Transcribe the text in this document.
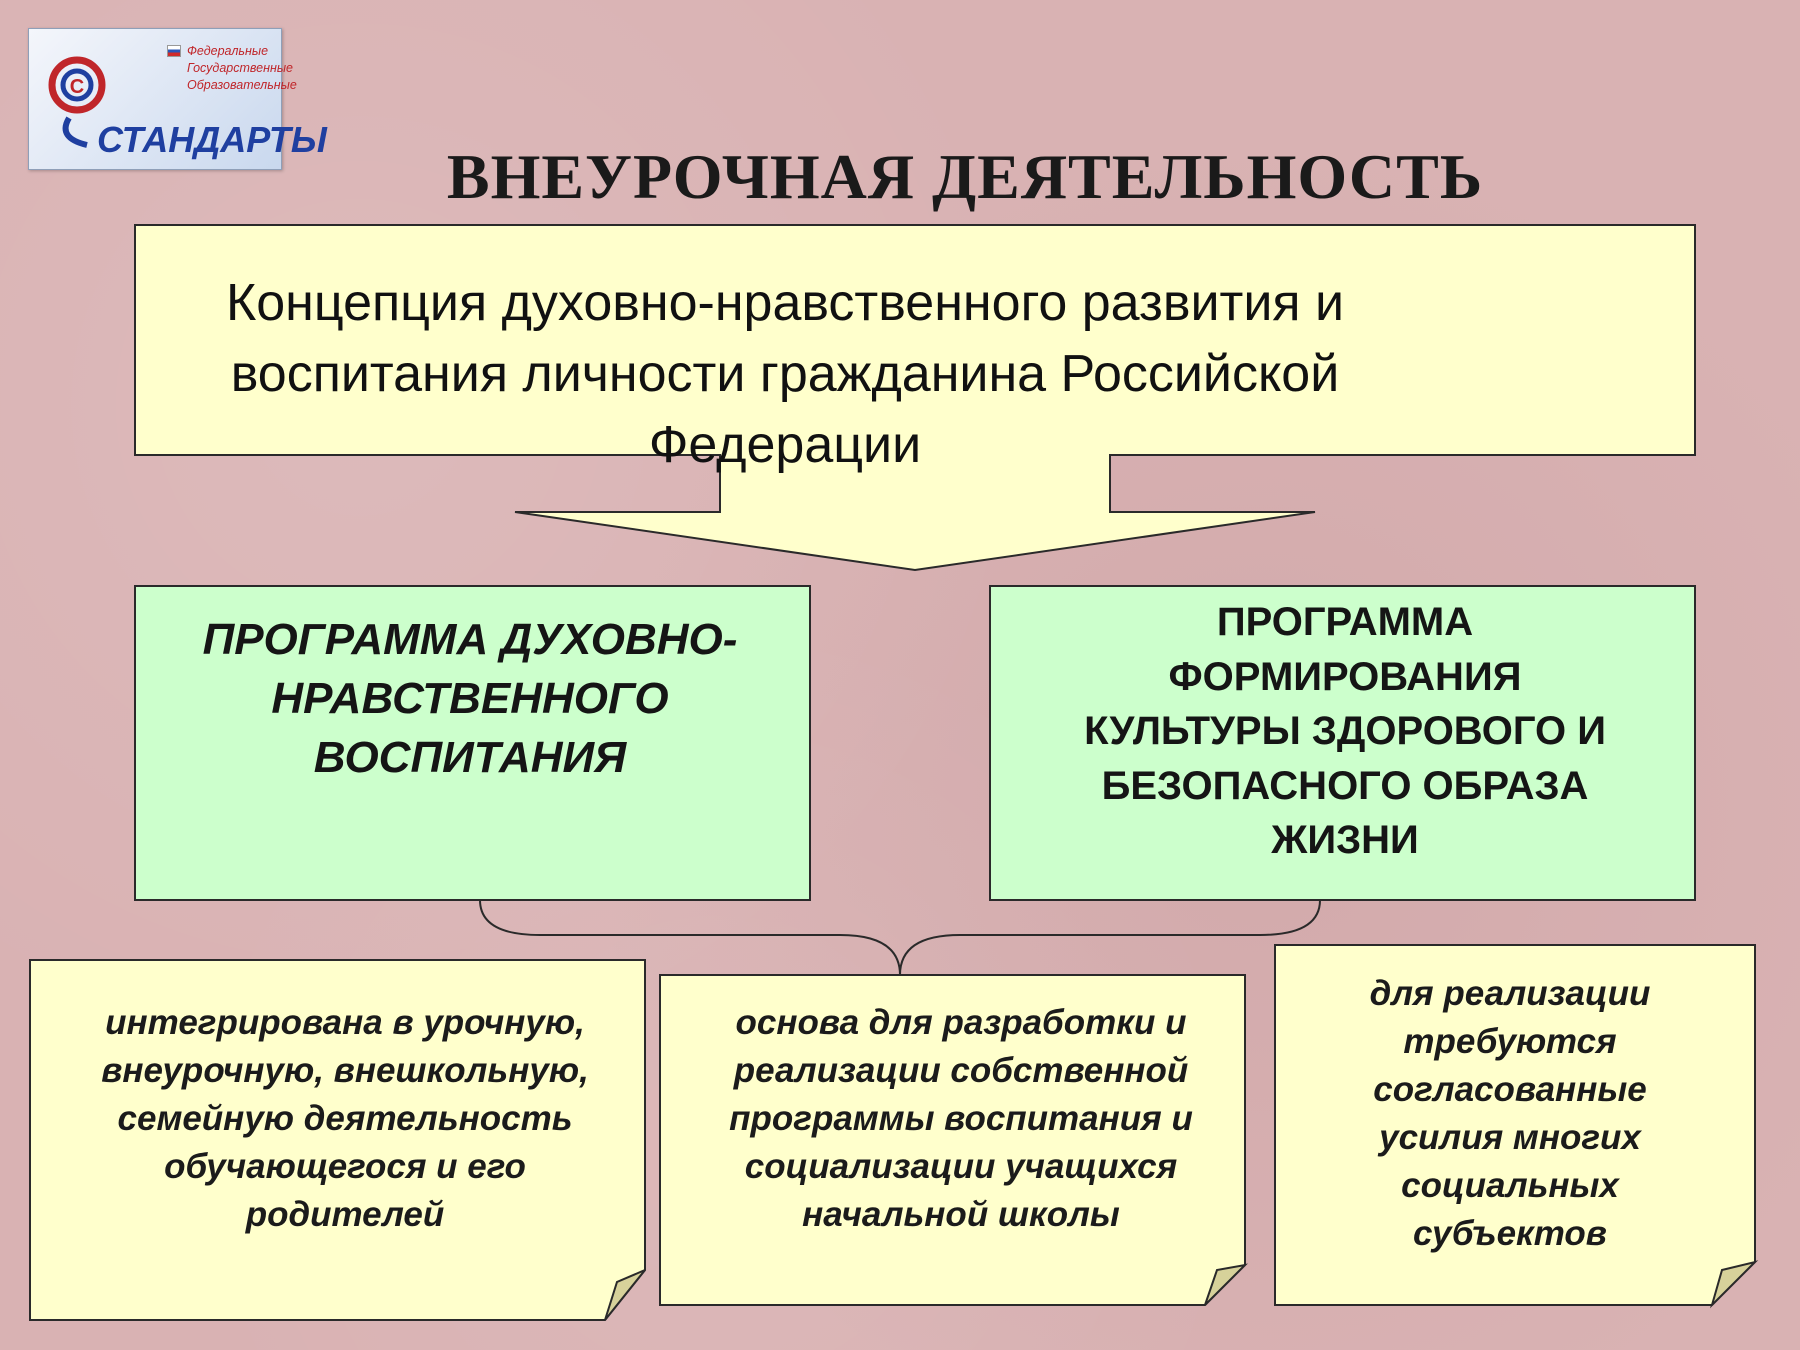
C
Федеральные
Государственные
Образовательные
СТАНДАРТЫ
ВНЕУРОЧНАЯ ДЕЯТЕЛЬНОСТЬ
Концепция духовно-нравственного развития и
воспитания личности гражданина Российской
Федерации
ПРОГРАММА ДУХОВНО-
НРАВСТВЕННОГО
ВОСПИТАНИЯ
ПРОГРАММА
ФОРМИРОВАНИЯ
КУЛЬТУРЫ ЗДОРОВОГО И
БЕЗОПАСНОГО ОБРАЗА
ЖИЗНИ
интегрирована в урочную,
внеурочную, внешкольную,
семейную деятельность
обучающегося и его
родителей
основа для разработки и
реализации собственной
программы воспитания и
социализации учащихся
начальной школы
для реализации
требуются
согласованные
усилия многих
социальных
субъектов
